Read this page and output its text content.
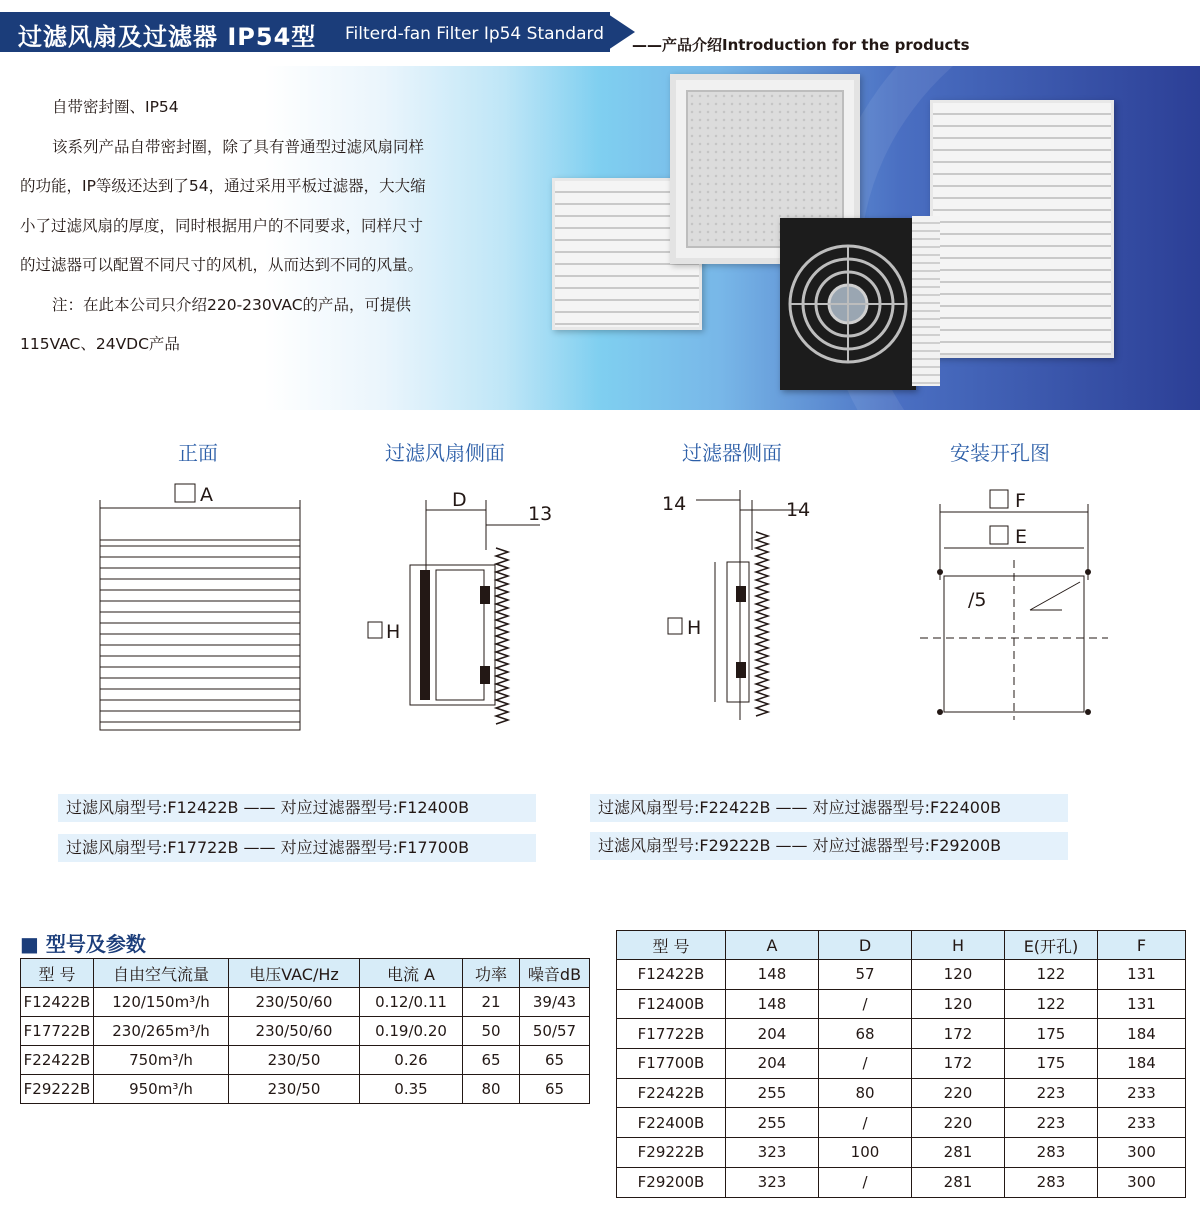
过滤风扇及过滤器 IP54型 Filterd-fan Filter Ip54 Standard
——产品介绍Introduction for the products

自带密封圈、IP54

该系列产品自带密封圈，除了具有普通型过滤风扇同样

的功能，IP等级还达到了54，通过采用平板过滤器，大大缩

小了过滤风扇的厚度，同时根据用户的不同要求，同样尺寸

的过滤器可以配置不同尺寸的风机，从而达到不同的风量。

注：在此本公司只介绍220-230VAC的产品，可提供

115VAC、24VDC产品

正面	过滤风扇侧面	过滤器侧面	安装开孔图
A	D
13
H
14	14
H
F
E
/5
过滤风扇型号:F12422B —— 对应过滤器型号:F12400B
过滤风扇型号:F17722B —— 对应过滤器型号:F17700B
过滤风扇型号:F22422B —— 对应过滤器型号:F22400B
过滤风扇型号:F29222B —— 对应过滤器型号:F29200B
■ 型号及参数
型 号	自由空气流量	电压VAC/Hz	电流 A	功率	噪音dB
F12422B	120/150m³/h	230/50/60	0.12/0.11	21	39/43
F17722B	230/265m³/h	230/50/60	0.19/0.20	50	50/57
F22422B	750m³/h	230/50	0.26	65	65
F29222B	950m³/h	230/50	0.35	80	65
型 号	A	D	H	E(开孔)	F
F12422B	148	57	120	122	131
F12400B	148	/	120	122	131
F17722B	204	68	172	175	184
F17700B	204	/	172	175	184
F22422B	255	80	220	223	233
F22400B	255	/	220	223	233
F29222B	323	100	281	283	300
F29200B	323	/	281	283	300
